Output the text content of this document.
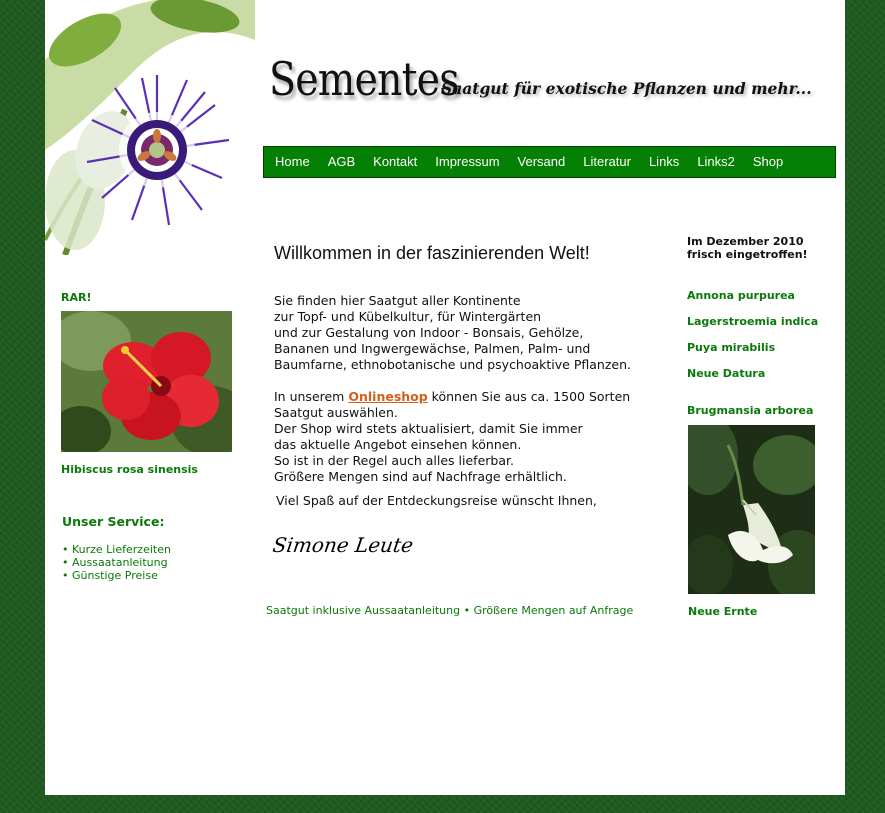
Sementes
Saatgut für exotische Pflanzen und mehr...
Home AGB Kontakt Impressum Versand Literatur Links Links2 Shop
RAR!
Hibiscus rosa sinensis
Unser Service:
• Kurze Lieferzeiten
• Aussaatanleitung
• Günstige Preise
Willkommen in der faszinierenden Welt!
Sie finden hier Saatgut aller Kontinente
zur Topf- und Kübelkultur, für Wintergärten
und zur Gestalung von Indoor - Bonsais, Gehölze,
Bananen und Ingwergewächse, Palmen, Palm- und
Baumfarne, ethnobotanische und psychoaktive Pflanzen.
In unserem Onlineshop können Sie aus ca. 1500 Sorten
Saatgut auswählen.
Der Shop wird stets aktualisiert, damit Sie immer
das aktuelle Angebot einsehen können.
So ist in der Regel auch alles lieferbar.
Größere Mengen sind auf Nachfrage erhältlich.
Viel Spaß auf der Entdeckungsreise wünscht Ihnen,
Simone Leute
Saatgut inklusive Aussaatanleitung • Größere Mengen auf Anfrage
Im Dezember 2010
frisch eingetroffen!
Annona purpurea
Lagerstroemia indica
Puya mirabilis
Neue Datura
Brugmansia arborea
Neue Ernte
